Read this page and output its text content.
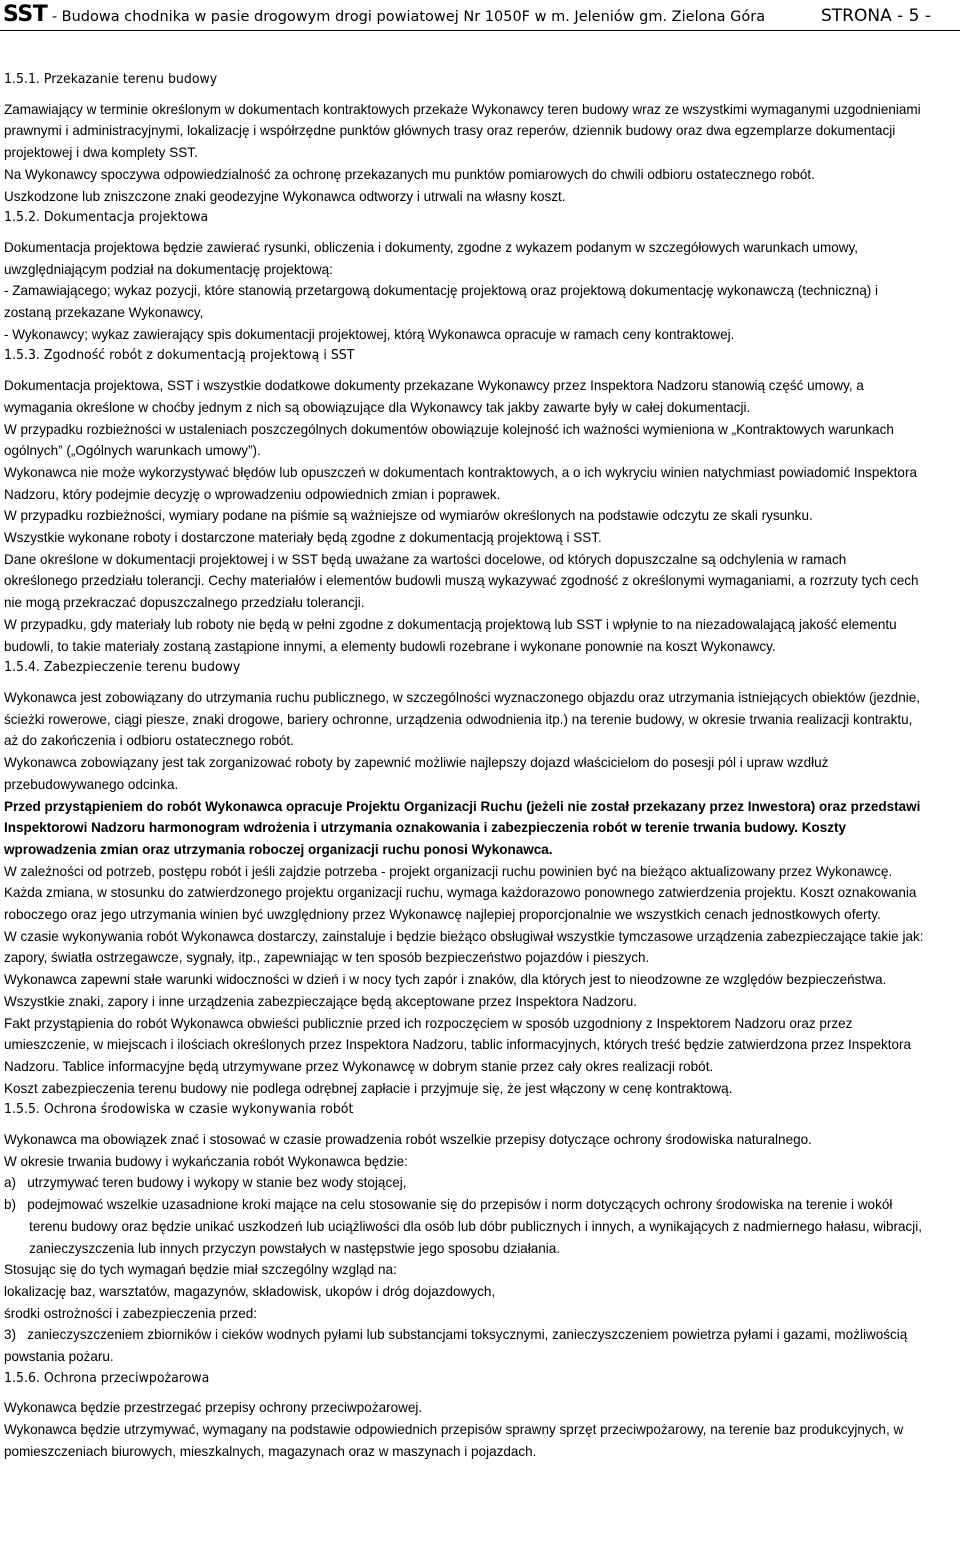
SST - Budowa chodnika w pasie drogowym drogi powiatowej Nr 1050F w m. Jeleniów gm. Zielona Góra	STRONA - 5 -

1.5.1. Przekazanie terenu budowy

Zamawiający w terminie określonym w dokumentach kontraktowych przekaże Wykonawcy teren budowy wraz ze wszystkimi wymaganymi uzgodnieniami prawnymi i administracyjnymi, lokalizację i współrzędne punktów głównych trasy oraz reperów, dziennik budowy oraz dwa egzemplarze dokumentacji projektowej i dwa komplety SST.

Na Wykonawcy spoczywa odpowiedzialność za ochronę przekazanych mu punktów pomiarowych do chwili odbioru ostatecznego robót.

Uszkodzone lub zniszczone znaki geodezyjne Wykonawca odtworzy i utrwali na własny koszt.

1.5.2. Dokumentacja projektowa

Dokumentacja projektowa będzie zawierać rysunki, obliczenia i dokumenty, zgodne z wykazem podanym w szczegółowych warunkach umowy, uwzględniającym podział na dokumentację projektową:

- Zamawiającego; wykaz pozycji, które stanowią przetargową dokumentację projektową oraz projektową dokumentację wykonawczą (techniczną) i zostaną przekazane Wykonawcy,

- Wykonawcy; wykaz zawierający spis dokumentacji projektowej, którą Wykonawca opracuje w ramach ceny kontraktowej.

1.5.3. Zgodność robót z dokumentacją projektową i SST

Dokumentacja projektowa, SST i wszystkie dodatkowe dokumenty przekazane Wykonawcy przez Inspektora Nadzoru stanowią część umowy, a wymagania określone w choćby jednym z nich są obowiązujące dla Wykonawcy tak jakby zawarte były w całej dokumentacji.

W przypadku rozbieżności w ustaleniach poszczególnych dokumentów obowiązuje kolejność ich ważności wymieniona w „Kontraktowych warunkach ogólnych” („Ogólnych warunkach umowy”).

Wykonawca nie może wykorzystywać błędów lub opuszczeń w dokumentach kontraktowych, a o ich wykryciu winien natychmiast powiadomić Inspektora Nadzoru, który podejmie decyzję o wprowadzeniu odpowiednich zmian i poprawek.

W przypadku rozbieżności, wymiary podane na piśmie są ważniejsze od wymiarów określonych na podstawie odczytu ze skali rysunku.

Wszystkie wykonane roboty i dostarczone materiały będą zgodne z dokumentacją projektową i SST.

Dane określone w dokumentacji projektowej i w SST będą uważane za wartości docelowe, od których dopuszczalne są odchylenia w ramach określonego przedziału tolerancji. Cechy materiałów i elementów budowli muszą wykazywać zgodność z określonymi wymaganiami, a rozrzuty tych cech nie mogą przekraczać dopuszczalnego przedziału tolerancji.

W przypadku, gdy materiały lub roboty nie będą w pełni zgodne z dokumentacją projektową lub SST i wpłynie to na niezadowalającą jakość elementu budowli, to takie materiały zostaną zastąpione innymi, a elementy budowli rozebrane i wykonane ponownie na koszt Wykonawcy.

1.5.4. Zabezpieczenie terenu budowy

Wykonawca jest zobowiązany do utrzymania ruchu publicznego, w szczególności wyznaczonego objazdu oraz utrzymania istniejących obiektów (jezdnie, ścieżki rowerowe, ciągi piesze, znaki drogowe, bariery ochronne, urządzenia odwodnienia itp.) na terenie budowy, w okresie trwania realizacji kontraktu, aż do zakończenia i odbioru ostatecznego robót.

Wykonawca zobowiązany jest tak zorganizować roboty by zapewnić możliwie najlepszy dojazd właścicielom do posesji pól i upraw wzdłuż przebudowywanego odcinka.

Przed przystąpieniem do robót Wykonawca opracuje Projektu Organizacji Ruchu (jeżeli nie został przekazany przez Inwestora) oraz przedstawi Inspektorowi Nadzoru harmonogram wdrożenia i utrzymania oznakowania i zabezpieczenia robót w terenie trwania budowy. Koszty wprowadzenia zmian oraz utrzymania roboczej organizacji ruchu ponosi Wykonawca.

W zależności od potrzeb, postępu robót i jeśli zajdzie potrzeba - projekt organizacji ruchu powinien być na bieżąco aktualizowany przez Wykonawcę. Każda zmiana, w stosunku do zatwierdzonego projektu organizacji ruchu, wymaga każdorazowo ponownego zatwierdzenia projektu. Koszt oznakowania roboczego oraz jego utrzymania winien być uwzględniony przez Wykonawcę najlepiej proporcjonalnie we wszystkich cenach jednostkowych oferty.

W czasie wykonywania robót Wykonawca dostarczy, zainstaluje i będzie bieżąco obsługiwał wszystkie tymczasowe urządzenia zabezpieczające takie jak: zapory, światła ostrzegawcze, sygnały, itp., zapewniając w ten sposób bezpieczeństwo pojazdów i pieszych.

Wykonawca zapewni stałe warunki widoczności w dzień i w nocy tych zapór i znaków, dla których jest to nieodzowne ze względów bezpieczeństwa.

Wszystkie znaki, zapory i inne urządzenia zabezpieczające będą akceptowane przez Inspektora Nadzoru.

Fakt przystąpienia do robót Wykonawca obwieści publicznie przed ich rozpoczęciem w sposób uzgodniony z Inspektorem Nadzoru oraz przez umieszczenie, w miejscach i ilościach określonych przez Inspektora Nadzoru, tablic informacyjnych, których treść będzie zatwierdzona przez Inspektora Nadzoru. Tablice informacyjne będą utrzymywane przez Wykonawcę w dobrym stanie przez cały okres realizacji robót.

Koszt zabezpieczenia terenu budowy nie podlega odrębnej zapłacie i przyjmuje się, że jest włączony w cenę kontraktową.

1.5.5. Ochrona środowiska w czasie wykonywania robót

Wykonawca ma obowiązek znać i stosować w czasie prowadzenia robót wszelkie przepisy dotyczące ochrony środowiska naturalnego.

W okresie trwania budowy i wykańczania robót Wykonawca będzie:

a)   utrzymywać teren budowy i wykopy w stanie bez wody stojącej,

b)   podejmować wszelkie uzasadnione kroki mające na celu stosowanie się do przepisów i norm dotyczących ochrony środowiska na terenie i wokół terenu budowy oraz będzie unikać uszkodzeń lub uciążliwości dla osób lub dóbr publicznych i innych, a wynikających z nadmiernego hałasu, wibracji, zanieczyszczenia lub innych przyczyn powstałych w następstwie jego sposobu działania.

Stosując się do tych wymagań będzie miał szczególny wzgląd na:

lokalizację baz, warsztatów, magazynów, składowisk, ukopów i dróg dojazdowych,

środki ostrożności i zabezpieczenia przed:

3)   zanieczyszczeniem zbiorników i cieków wodnych pyłami lub substancjami toksycznymi, zanieczyszczeniem powietrza pyłami i gazami, możliwością powstania pożaru.

1.5.6. Ochrona przeciwpożarowa

Wykonawca będzie przestrzegać przepisy ochrony przeciwpożarowej.

Wykonawca będzie utrzymywać, wymagany na podstawie odpowiednich przepisów sprawny sprzęt przeciwpożarowy, na terenie baz produkcyjnych, w pomieszczeniach biurowych, mieszkalnych, magazynach oraz w maszynach i pojazdach.
